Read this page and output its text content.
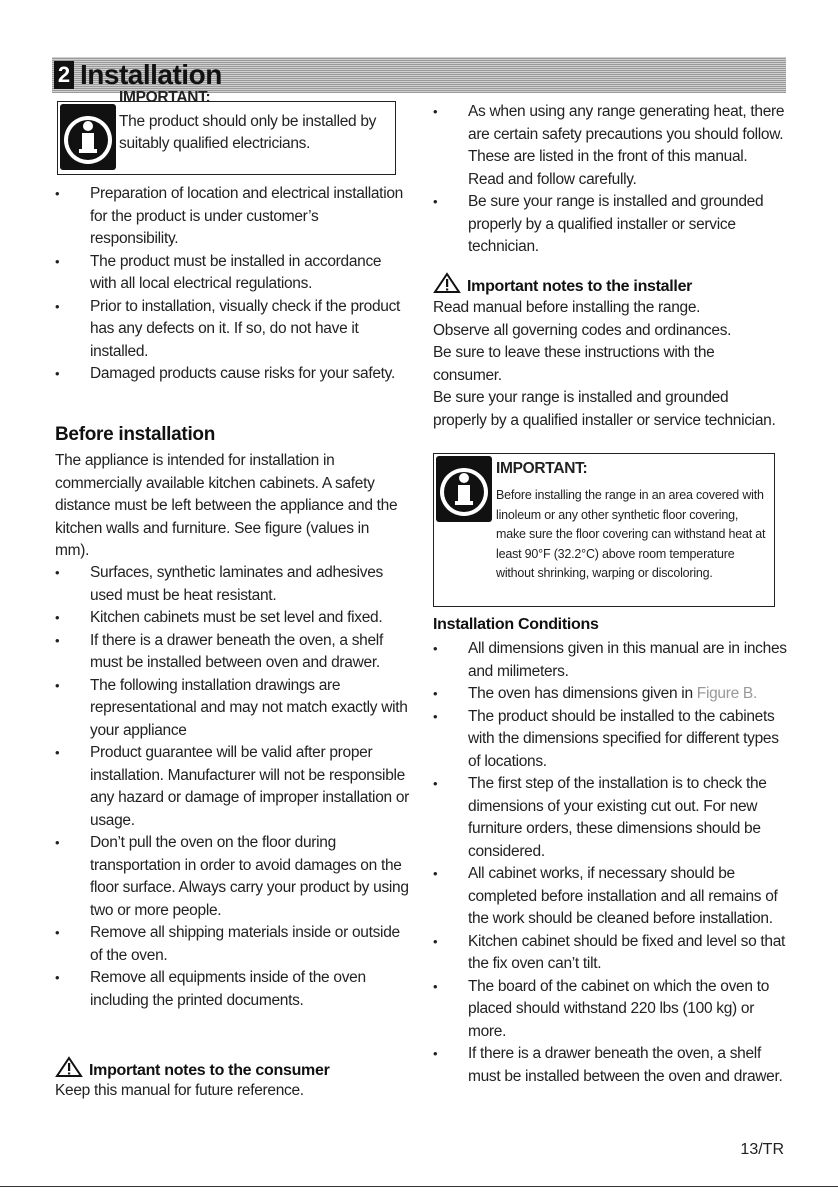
2 Installation
IMPORTANT:
The product should only be installed by suitably qualified electricians.
• Preparation of location and electrical installation for the product is under customer’s responsibility.
• The product must be installed in accordance with all local electrical regulations.
• Prior to installation, visually check if the product has any defects on it. If so, do not have it installed.
• Damaged products cause risks for your safety.
Before installation
The appliance is intended for installation in commercially available kitchen cabinets. A safety distance must be left between the appliance and the kitchen walls and furniture. See figure (values in mm).
• Surfaces, synthetic laminates and adhesives used must be heat resistant.
• Kitchen cabinets must be set level and fixed.
• If there is a drawer beneath the oven, a shelf must be installed between oven and drawer.
• The following installation drawings are representational and may not match exactly with your appliance
• Product guarantee will be valid after proper installation. Manufacturer will not be responsible any hazard or damage of improper installation or usage.
• Don’t pull the oven on the floor during transportation in order to avoid damages on the floor surface. Always carry your product by using two or more people.
• Remove all shipping materials inside or outside of the oven.
• Remove all equipments inside of the oven including the printed documents.
Important notes to the consumer
Keep this manual for future reference.
• As when using any range generating heat, there are certain safety precautions you should follow. These are listed in the front of this manual. Read and follow carefully.
• Be sure your range is installed and grounded properly by a qualified installer or service technician.
Important notes to the installer
Read manual before installing the range.
Observe all governing codes and ordinances.
Be sure to leave these instructions with the consumer.
Be sure your range is installed and grounded properly by a qualified installer or service technician.
IMPORTANT:
Before installing the range in an area covered with linoleum or any other synthetic floor covering, make sure the floor covering can withstand heat at least 90°F (32.2°C) above room temperature without shrinking, warping or discoloring.
Installation Conditions
• All dimensions given in this manual are in inches and milimeters.
• The oven has dimensions given in Figure B.
• The product should be installed to the cabinets with the dimensions specified for different types of locations.
• The first step of the installation is to check the dimensions of your existing cut out. For new furniture orders, these dimensions should be considered.
• All cabinet works, if necessary should be completed before installation and all remains of the work should be cleaned before installation.
• Kitchen cabinet should be fixed and level so that the fix oven can’t tilt.
• The board of the cabinet on which the oven to placed should withstand 220 lbs (100 kg) or more.
• If there is a drawer beneath the oven, a shelf must be installed between the oven and drawer.
13/TR
